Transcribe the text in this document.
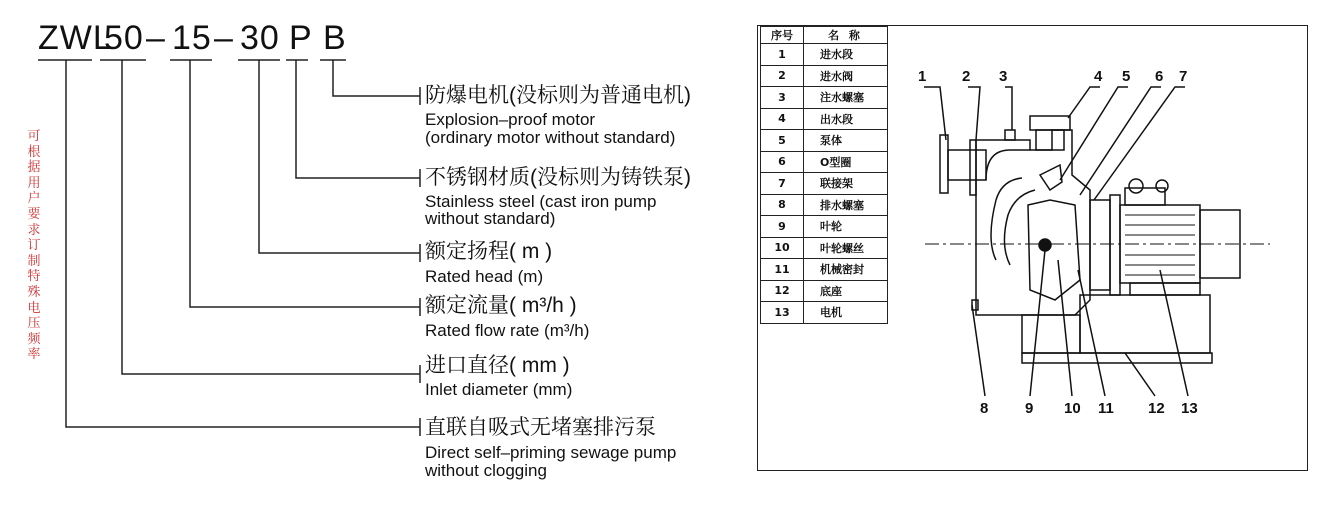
ZWL
50 – 15 – 30 P B
可根据用户要求订制特殊电压频率
防爆电机(没标则为普通电机)
Explosion–proof motor
(ordinary motor without standard)
不锈钢材质(没标则为铸铁泵)
Stainless steel (cast iron pump
without standard)
额定扬程( m )
Rated head (m)
额定流量( m³/h )
Rated flow rate (m³/h)
进口直径( mm )
Inlet diameter (mm)
直联自吸式无堵塞排污泵
Direct self–priming sewage pump
without clogging
序号	名 称
1	进水段
2	进水阀
3	注水螺塞
4	出水段
5	泵体
6	O型圈
7	联接架
8	排水螺塞
9	叶轮
10	叶轮螺丝
11	机械密封
12	底座
13	电机
1 2 3	4 5 6 7
8 9 10 11 12 13
